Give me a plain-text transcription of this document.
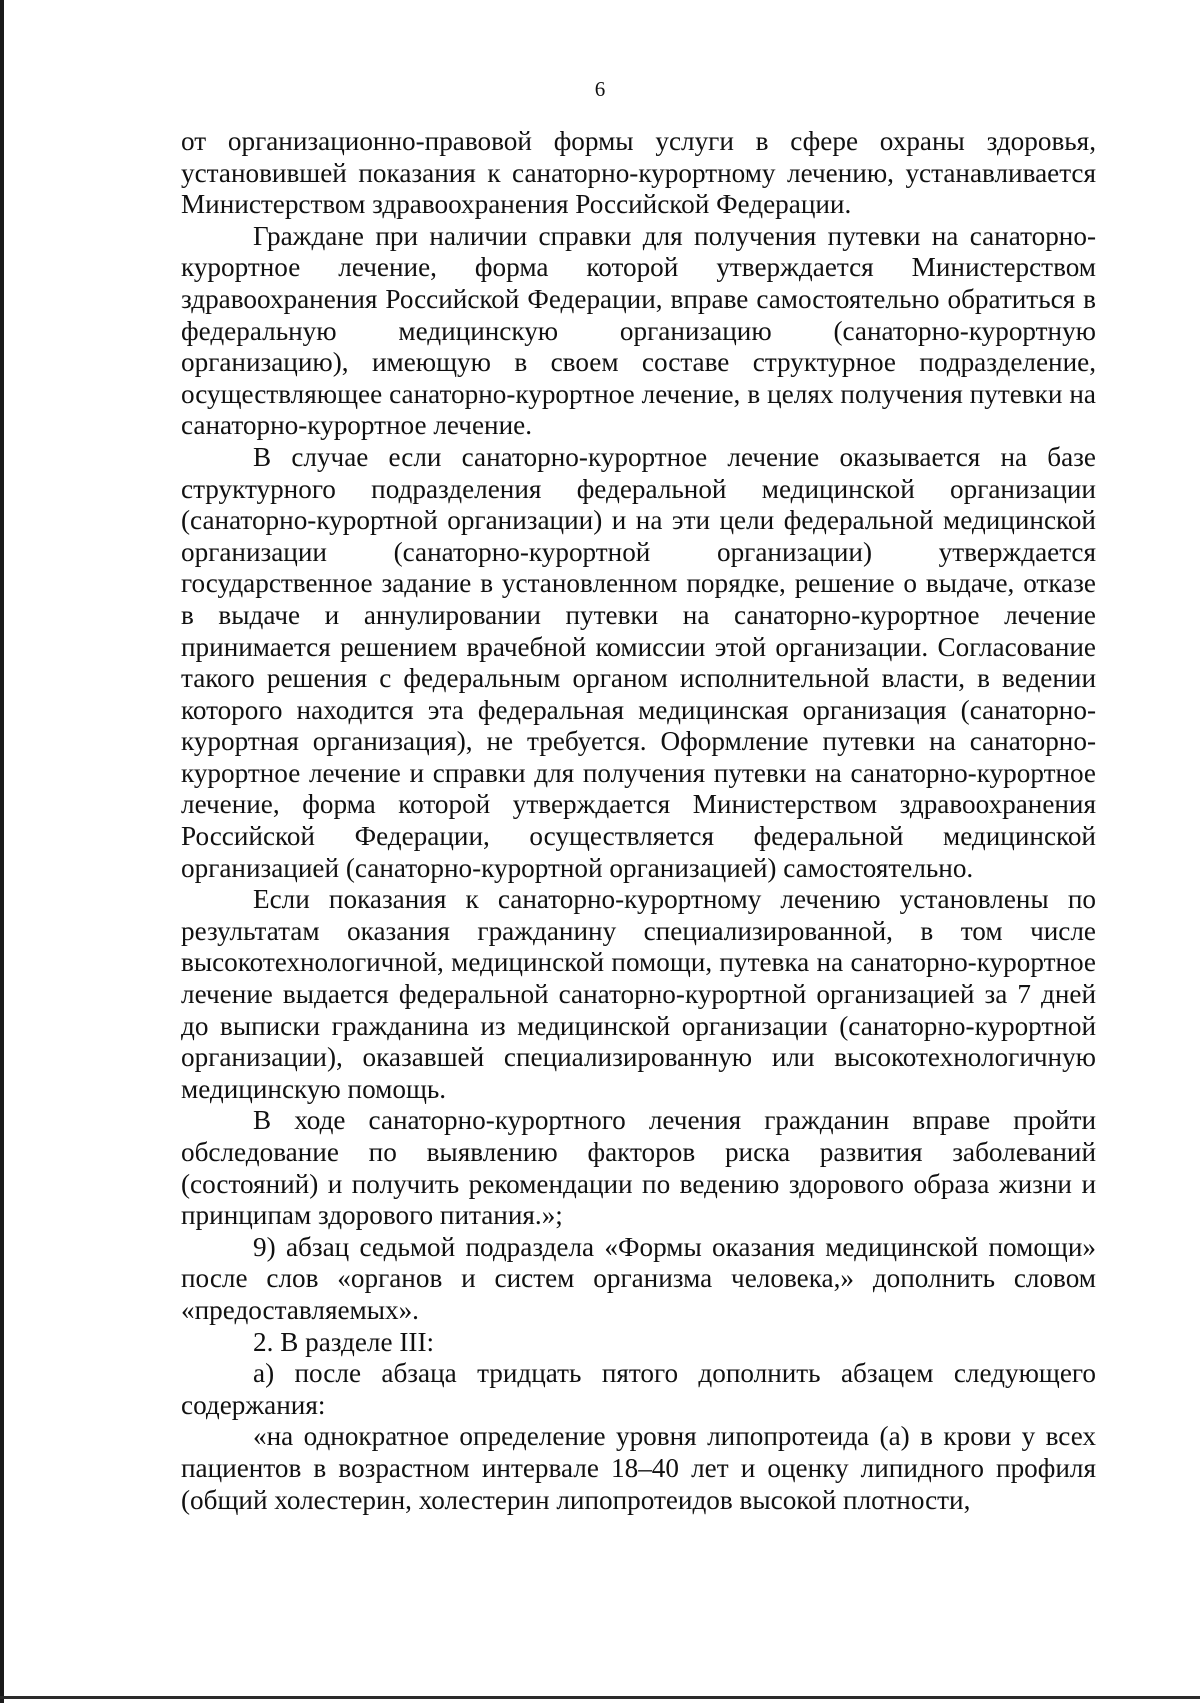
6

от организационно-правовой формы услуги в сфере охраны здоровья, установившей показания к санаторно-курортному лечению, устанавливается Министерством здравоохранения Российской Федерации.

Граждане при наличии справки для получения путевки на санаторно-курортное лечение, форма которой утверждается Министерством здравоохранения Российской Федерации, вправе самостоятельно обратиться в федеральную медицинскую организацию (санаторно-курортную организацию), имеющую в своем составе структурное подразделение, осуществляющее санаторно-курортное лечение, в целях получения путевки на санаторно-курортное лечение.

В случае если санаторно-курортное лечение оказывается на базе структурного подразделения федеральной медицинской организации (санаторно-курортной организации) и на эти цели федеральной медицинской организации (санаторно-курортной организации) утверждается государственное задание в установленном порядке, решение о выдаче, отказе в выдаче и аннулировании путевки на санаторно-курортное лечение принимается решением врачебной комиссии этой организации. Согласование такого решения с федеральным органом исполнительной власти, в ведении которого находится эта федеральная медицинская организация (санаторно-курортная организация), не требуется. Оформление путевки на санаторно-курортное лечение и справки для получения путевки на санаторно-курортное лечение, форма которой утверждается Министерством здравоохранения Российской Федерации, осуществляется федеральной медицинской организацией (санаторно-курортной организацией) самостоятельно.

Если показания к санаторно-курортному лечению установлены по результатам оказания гражданину специализированной, в том числе высокотехнологичной, медицинской помощи, путевка на санаторно-курортное лечение выдается федеральной санаторно-курортной организацией за 7 дней до выписки гражданина из медицинской организации (санаторно-курортной организации), оказавшей специализированную или высокотехнологичную медицинскую помощь.

В ходе санаторно-курортного лечения гражданин вправе пройти обследование по выявлению факторов риска развития заболеваний (состояний) и получить рекомендации по ведению здорового образа жизни и принципам здорового питания.»;

9) абзац седьмой подраздела «Формы оказания медицинской помощи» после слов «органов и систем организма человека,» дополнить словом «предоставляемых».

2. В разделе III:

а) после абзаца тридцать пятого дополнить абзацем следующего содержания:

«на однократное определение уровня липопротеида (а) в крови у всех пациентов в возрастном интервале 18–40 лет и оценку липидного профиля (общий холестерин, холестерин липопротеидов высокой плотности,
